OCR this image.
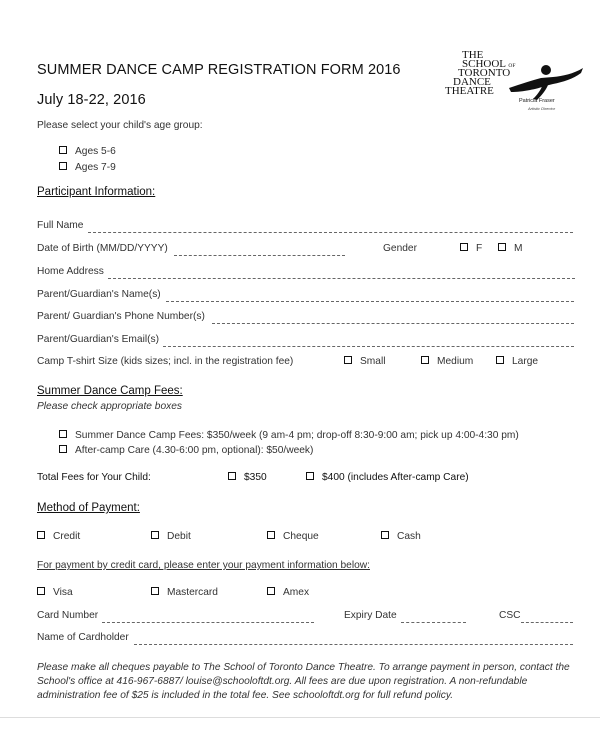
SUMMER DANCE CAMP REGISTRATION FORM 2016
July 18-22, 2016
THE
SCHOOL OF
TORONTO
DANCE
THEATRE
Patricia Fraser
Artistic Director
Please select your child's age group:
Ages 5-6
Ages 7-9
Participant Information:
Full Name
Date of Birth (MM/DD/YYYY)	Gender	F	M
Home Address
Parent/Guardian's Name(s)
Parent/ Guardian's Phone Number(s)
Parent/Guardian's Email(s)
Camp T-shirt Size (kids sizes; incl. in the registration fee)	Small	Medium	Large
Summer Dance Camp Fees:
Please check appropriate boxes
Summer Dance Camp Fees: $350/week (9 am-4 pm; drop-off 8:30-9:00 am; pick up 4:00-4:30 pm)
After-camp Care (4.30-6:00 pm, optional): $50/week)
Total Fees for Your Child:	$350	$400 (includes After-camp Care)
Method of Payment:
Credit	Debit	Cheque	Cash
For payment by credit card, please enter your payment information below:
Visa	Mastercard	Amex
Card Number	Expiry Date	CSC
Name of Cardholder
Please make all cheques payable to The School of Toronto Dance Theatre. To arrange payment in person, contact the
School's office at 416-967-6887/ louise@schooloftdt.org. All fees are due upon registration. A non-refundable
administration fee of $25 is included in the total fee. See schooloftdt.org for full refund policy.
